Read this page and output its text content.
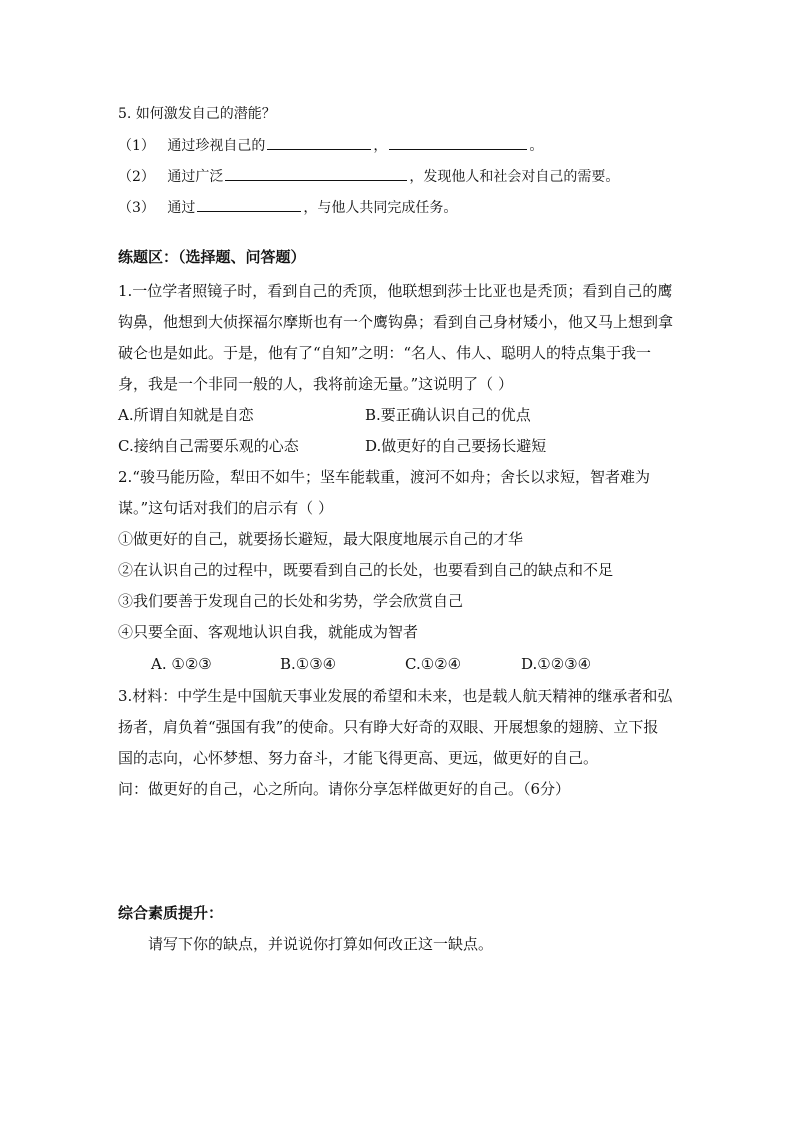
5. 如何激发自己的潜能？
（1） 通过珍视自己的	，	。
（2） 通过广泛	，发现他人和社会对自己的需要。
（3） 通过	，与他人共同完成任务。
练题区：（选择题、问答题）
1.一位学者照镜子时，看到自己的秃顶，他联想到莎士比亚也是秃顶；看到自己的鹰
钩鼻，他想到大侦探福尔摩斯也有一个鹰钩鼻；看到自己身材矮小，他又马上想到拿
破仑也是如此。于是，他有了“自知”之明：“名人、伟人、聪明人的特点集于我一
身，我是一个非同一般的人，我将前途无量。”这说明了（ ）
A.所谓自知就是自恋	B.要正确认识自己的优点
C.接纳自己需要乐观的心态	D.做更好的自己要扬长避短
2.“骏马能历险，犁田不如牛；坚车能载重，渡河不如舟；舍长以求短，智者难为
谋。”这句话对我们的启示有（ ）
①做更好的自己，就要扬长避短，最大限度地展示自己的才华
②在认识自己的过程中，既要看到自己的长处，也要看到自己的缺点和不足
③我们要善于发现自己的长处和劣势，学会欣赏自己
④只要全面、客观地认识自我，就能成为智者
A. ①②③	B.①③④	C.①②④	D.①②③④
3.材料：中学生是中国航天事业发展的希望和未来，也是载人航天精神的继承者和弘
扬者，肩负着“强国有我”的使命。只有睁大好奇的双眼、开展想象的翅膀、立下报
国的志向，心怀梦想、努力奋斗，才能飞得更高、更远，做更好的自己。
问：做更好的自己，心之所向。请你分享怎样做更好的自己。（6分）
综合素质提升：
请写下你的缺点，并说说你打算如何改正这一缺点。
